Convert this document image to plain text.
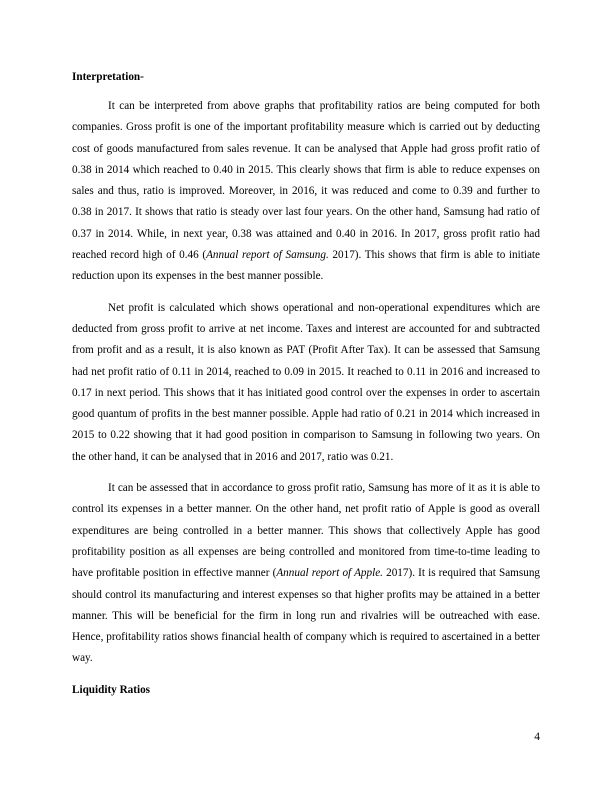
Interpretation-

It can be interpreted from above graphs that profitability ratios are being computed for both companies. Gross profit is one of the important profitability measure which is carried out by deducting cost of goods manufactured from sales revenue. It can be analysed that Apple had gross profit ratio of 0.38 in 2014 which reached to 0.40 in 2015. This clearly shows that firm is able to reduce expenses on sales and thus, ratio is improved. Moreover, in 2016, it was reduced and come to 0.39 and further to 0.38 in 2017. It shows that ratio is steady over last four years. On the other hand, Samsung had ratio of 0.37 in 2014. While, in next year, 0.38 was attained and 0.40 in 2016. In 2017, gross profit ratio had reached record high of 0.46 (Annual report of Samsung. 2017). This shows that firm is able to initiate reduction upon its expenses in the best manner possible.

Net profit is calculated which shows operational and non-operational expenditures which are deducted from gross profit to arrive at net income. Taxes and interest are accounted for and subtracted from profit and as a result, it is also known as PAT (Profit After Tax). It can be assessed that Samsung had net profit ratio of 0.11 in 2014, reached to 0.09 in 2015. It reached to 0.11 in 2016 and increased to 0.17 in next period. This shows that it has initiated good control over the expenses in order to ascertain good quantum of profits in the best manner possible. Apple had ratio of 0.21 in 2014 which increased in 2015 to 0.22 showing that it had good position in comparison to Samsung in following two years. On the other hand, it can be analysed that in 2016 and 2017, ratio was 0.21.

It can be assessed that in accordance to gross profit ratio, Samsung has more of it as it is able to control its expenses in a better manner. On the other hand, net profit ratio of Apple is good as overall expenditures are being controlled in a better manner. This shows that collectively Apple has good profitability position as all expenses are being controlled and monitored from time-to-time leading to have profitable position in effective manner (Annual report of Apple. 2017). It is required that Samsung should control its manufacturing and interest expenses so that higher profits may be attained in a better manner. This will be beneficial for the firm in long run and rivalries will be outreached with ease. Hence, profitability ratios shows financial health of company which is required to ascertained in a better way.

Liquidity Ratios

4
